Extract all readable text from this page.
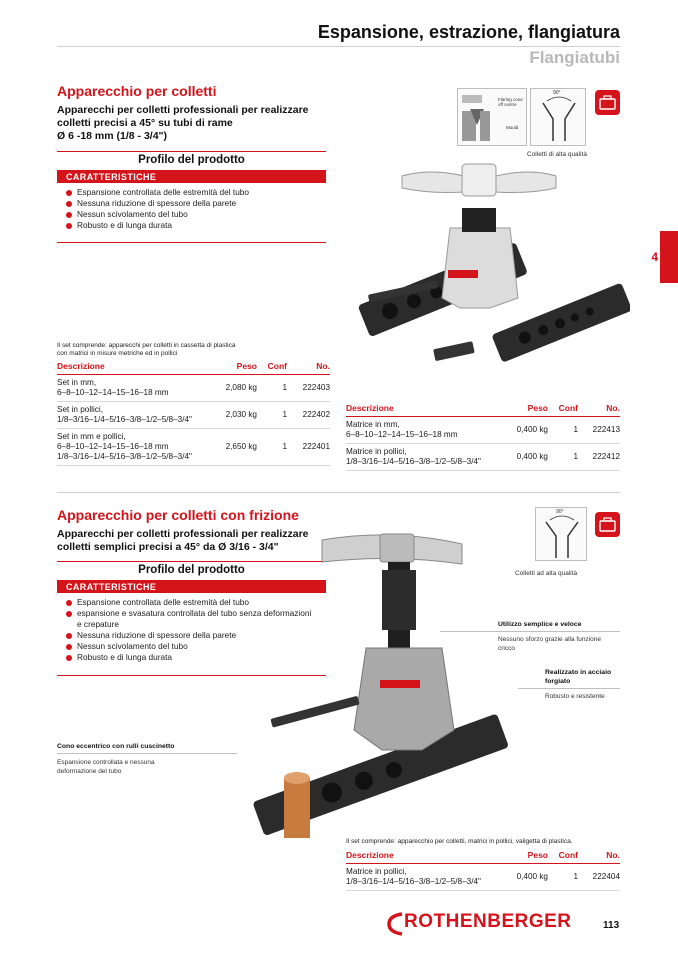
Espansione, estrazione, flangiatura
Flangiatubi
4
Apparecchio per colletti
Apparecchi per colletti professionali per realizzare
colletti precisi a 45° su tubi di rame
Ø 6 -18 mm (1/8 - 3/4")
Profilo del prodotto
CARATTERISTICHE
Espansione controllata delle estremità del tubo
Nessuna riduzione di spessore della parete
Nessun scivolamento del tubo
Robusto e di lunga durata
Flaring cone
off centre
Mould
90°
Colletti di alta qualità
Il set comprende: apparecchi per colletti in cassetta di plastica
con matrici in misure metriche ed in pollici
Descrizione	Peso	Conf	No.

Set in mm,
6–8–10–12–14–15–16–18 mm	2,080 kg	1	222403

Set in pollici,
1/8–3/16–1/4–5/16–3/8–1/2–5/8–3/4"	2,030 kg	1	222402

Set in mm e pollici,
6–8–10–12–14–15–16–18 mm
1/8–3/16–1/4–5/16–3/8–1/2–5/8–3/4"	2,650 kg	1	222401
Descrizione	Peso	Conf	No.

Matrice in mm,
6–8–10–12–14–15–16–18 mm	0,400 kg	1	222413

Matrice in pollici,
1/8–3/16–1/4–5/16–3/8–1/2–5/8–3/4"	0,400 kg	1	222412
Apparecchio per colletti con frizione
Apparecchi per colletti professionali per realizzare
colletti semplici precisi a 45° da Ø 3/16 - 3/4"
Profilo del prodotto
CARATTERISTICHE
Espansione controllata delle estremità del tubo
espansione e svasatura controllata del tubo senza deformazioni e crepature
Nessuna riduzione di spessore della parete
Nessun scivolamento del tubo
Robusto e di lunga durata
90°
Colletti ad alta qualità
Utilizzo semplice e veloce
Nessuno sforzo grazie alla funzione
cricco
Realizzato in acciaio
forgiato
Robusto e resistente
Cono eccentrico con rulli cuscinetto
Espansione controllata e nessuna
deformazione del tubo
Il set comprende: apparecchio per colletti, matrici in pollici, valigetta di plastica.
Descrizione	Peso	Conf	No.

Matrice in pollici,
1/8–3/16–1/4–5/16–3/8–1/2–5/8–3/4"	0,400 kg	1	222404
ROTHENBERGER	113
